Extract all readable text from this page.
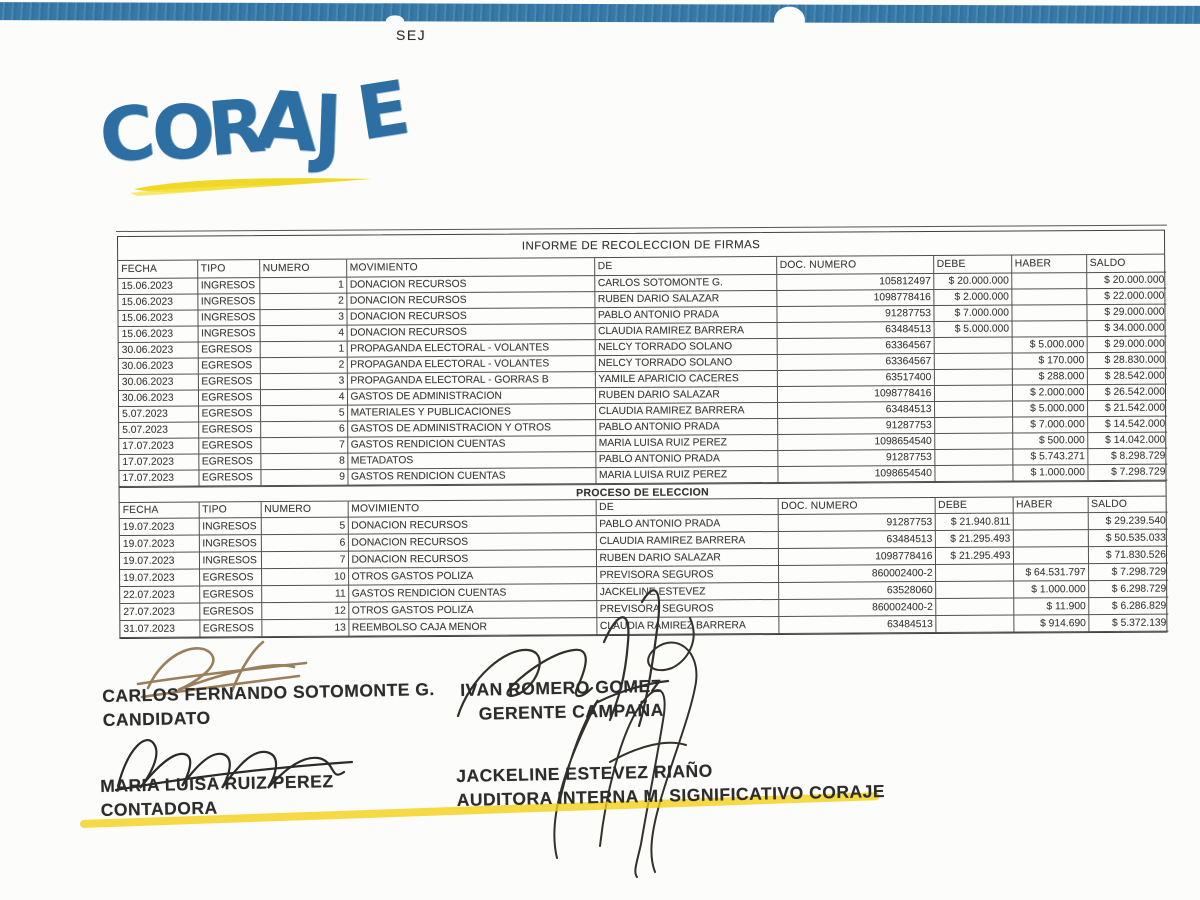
SEJ
C
O
R
A
J E
INFORME DE RECOLECCION DE FIRMAS
FECHA	TIPO	NUMERO	MOVIMIENTO	DE	DOC. NUMERO	DEBE	HABER	SALDO
15.06.2023	INGRESOS	1	DONACION RECURSOS	CARLOS SOTOMONTE G.	105812497	$ 20.000.000		$ 20.000.000
15.06.2023	INGRESOS	2	DONACION RECURSOS	RUBEN DARIO SALAZAR	1098778416	$ 2.000.000		$ 22.000.000
15.06.2023	INGRESOS	3	DONACION RECURSOS	PABLO ANTONIO PRADA	91287753	$ 7.000.000		$ 29.000.000
15.06.2023	INGRESOS	4	DONACION RECURSOS	CLAUDIA RAMIREZ BARRERA	63484513	$ 5.000.000		$ 34.000.000
30.06.2023	EGRESOS	1	PROPAGANDA ELECTORAL - VOLANTES	NELCY TORRADO SOLANO	63364567		$ 5.000.000	$ 29.000.000
30.06.2023	EGRESOS	2	PROPAGANDA ELECTORAL - VOLANTES	NELCY TORRADO SOLANO	63364567		$ 170.000	$ 28.830.000
30.06.2023	EGRESOS	3	PROPAGANDA ELECTORAL - GORRAS B	YAMILE APARICIO CACERES	63517400		$ 288.000	$ 28.542.000
30.06.2023	EGRESOS	4	GASTOS DE ADMINISTRACION	RUBEN DARIO SALAZAR	1098778416		$ 2.000.000	$ 26.542.000
5.07.2023	EGRESOS	5	MATERIALES Y PUBLICACIONES	CLAUDIA RAMIREZ BARRERA	63484513		$ 5.000.000	$ 21.542.000
5.07.2023	EGRESOS	6	GASTOS DE ADMINISTRACION Y OTROS	PABLO ANTONIO PRADA	91287753		$ 7.000.000	$ 14.542.000
17.07.2023	EGRESOS	7	GASTOS RENDICION CUENTAS	MARIA LUISA RUIZ PEREZ	1098654540		$ 500.000	$ 14.042.000
17.07.2023	EGRESOS	8	METADATOS	PABLO ANTONIO PRADA	91287753		$ 5.743.271	$ 8.298.729
17.07.2023	EGRESOS	9	GASTOS RENDICION CUENTAS	MARIA LUISA RUIZ PEREZ	1098654540		$ 1.000.000	$ 7.298.729
PROCESO DE ELECCION
FECHA	TIPO	NUMERO	MOVIMIENTO	DE	DOC. NUMERO	DEBE	HABER	SALDO
19.07.2023	INGRESOS	5	DONACION RECURSOS	PABLO ANTONIO PRADA	91287753	$ 21.940.811		$ 29.239.540
19.07.2023	INGRESOS	6	DONACION RECURSOS	CLAUDIA RAMIREZ BARRERA	63484513	$ 21.295.493		$ 50.535.033
19.07.2023	INGRESOS	7	DONACION RECURSOS	RUBEN DARIO SALAZAR	1098778416	$ 21.295.493		$ 71.830.526
19.07.2023	EGRESOS	10	OTROS GASTOS POLIZA	PREVISORA SEGUROS	860002400-2		$ 64.531.797	$ 7.298.729
22.07.2023	EGRESOS	11	GASTOS RENDICION CUENTAS	JACKELINE ESTEVEZ	63528060		$ 1.000.000	$ 6.298.729
27.07.2023	EGRESOS	12	OTROS GASTOS POLIZA	PREVISORA SEGUROS	860002400-2		$ 11.900	$ 6.286.829
31.07.2023	EGRESOS	13	REEMBOLSO CAJA MENOR	CLAUDIA RAMIREZ BARRERA	63484513		$ 914.690	$ 5.372.139
CARLOS FERNANDO SOTOMONTE G.
CANDIDATO
IVAN ROMERO GOMEZ
GERENTE CAMPAÑA
MARIA LUISA RUIZ PEREZ
CONTADORA
JACKELINE ESTEVEZ RIAÑO
AUDITORA INTERNA M. SIGNIFICATIVO CORAJE
